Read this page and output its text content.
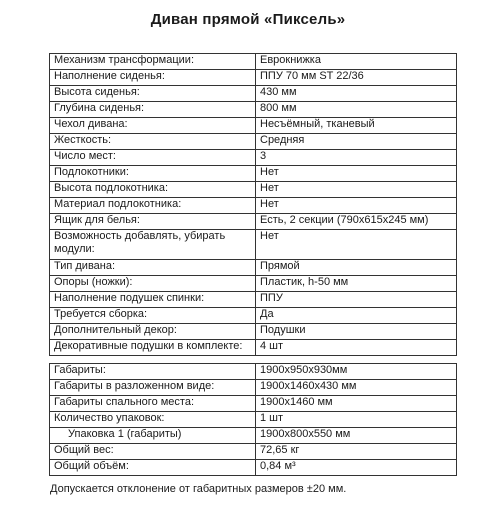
Диван прямой «Пиксель»
Механизм трансформации:	Еврокнижка
Наполнение сиденья:	ППУ 70 мм ST 22/36
Высота сиденья:	430 мм
Глубина сиденья:	800 мм
Чехол дивана:	Несъёмный, тканевый
Жесткость:	Средняя
Число мест:	3
Подлокотники:	Нет
Высота подлокотника:	Нет
Материал подлокотника:	Нет
Ящик для белья:	Есть, 2 секции (790х615х245 мм)
Возможность добавлять, убирать модули:	Нет
Тип дивана:	Прямой
Опоры (ножки):	Пластик, h-50 мм
Наполнение подушек спинки:	ППУ
Требуется сборка:	Да
Дополнительный декор:	Подушки
Декоративные подушки в комплекте:	4 шт
Габариты:	1900х950х930мм
Габариты в разложенном виде:	1900х1460х430 мм
Габариты спального места:	1900х1460 мм
Количество упаковок:	1 шт
Упаковка 1 (габариты)	1900х800х550 мм
Общий вес:	72,65 кг
Общий объём:	0,84 м³
Допускается отклонение от габаритных размеров ±20 мм.
